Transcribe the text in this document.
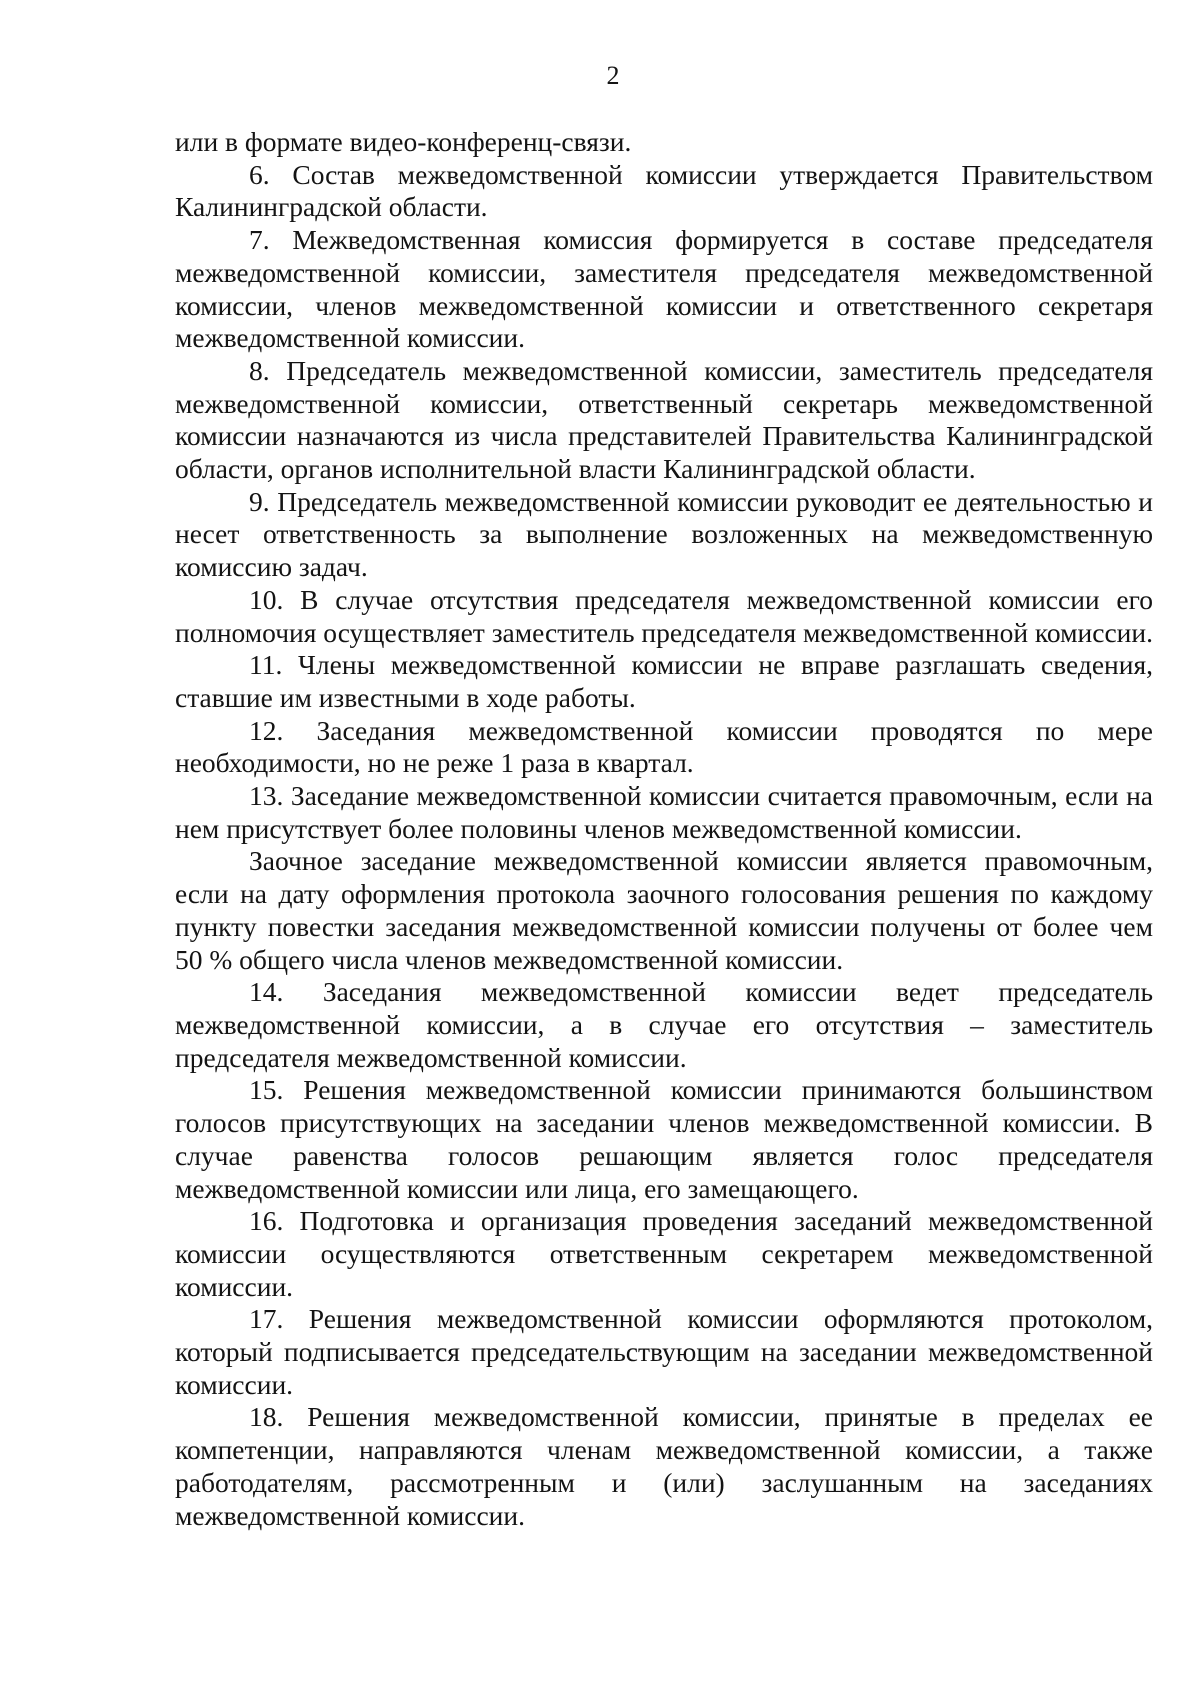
2

или в формате видео-конференц-связи.

6. Состав межведомственной комиссии утверждается Правительством Калининградской области.

7. Межведомственная комиссия формируется в составе председателя межведомственной комиссии, заместителя председателя межведомственной комиссии, членов межведомственной комиссии и ответственного секретаря межведомственной комиссии.

8. Председатель межведомственной комиссии, заместитель председателя межведомственной комиссии, ответственный секретарь межведомственной комиссии назначаются из числа представителей Правительства Калининградской области, органов исполнительной власти Калининградской области.

9. Председатель межведомственной комиссии руководит ее деятельностью и несет ответственность за выполнение возложенных на межведомственную комиссию задач.

10. В случае отсутствия председателя межведомственной комиссии его полномочия осуществляет заместитель председателя межведомственной комиссии.

11. Члены межведомственной комиссии не вправе разглашать сведения, ставшие им известными в ходе работы.

12. Заседания межведомственной комиссии проводятся по мере необходимости, но не реже 1 раза в квартал.

13. Заседание межведомственной комиссии считается правомочным, если на нем присутствует более половины членов межведомственной комиссии.

Заочное заседание межведомственной комиссии является правомочным, если на дату оформления протокола заочного голосования решения по каждому пункту повестки заседания межведомственной комиссии получены от более чем 50 % общего числа членов межведомственной комиссии.

14. Заседания межведомственной комиссии ведет председатель межведомственной комиссии, а в случае его отсутствия – заместитель председателя межведомственной комиссии.

15. Решения межведомственной комиссии принимаются большинством голосов присутствующих на заседании членов межведомственной комиссии. В случае равенства голосов решающим является голос председателя межведомственной комиссии или лица, его замещающего.

16. Подготовка и организация проведения заседаний межведомственной комиссии осуществляются ответственным секретарем межведомственной комиссии.

17. Решения межведомственной комиссии оформляются протоколом, который подписывается председательствующим на заседании межведомственной комиссии.

18. Решения межведомственной комиссии, принятые в пределах ее компетенции, направляются членам межведомственной комиссии, а также работодателям, рассмотренным и (или) заслушанным на заседаниях межведомственной комиссии.
